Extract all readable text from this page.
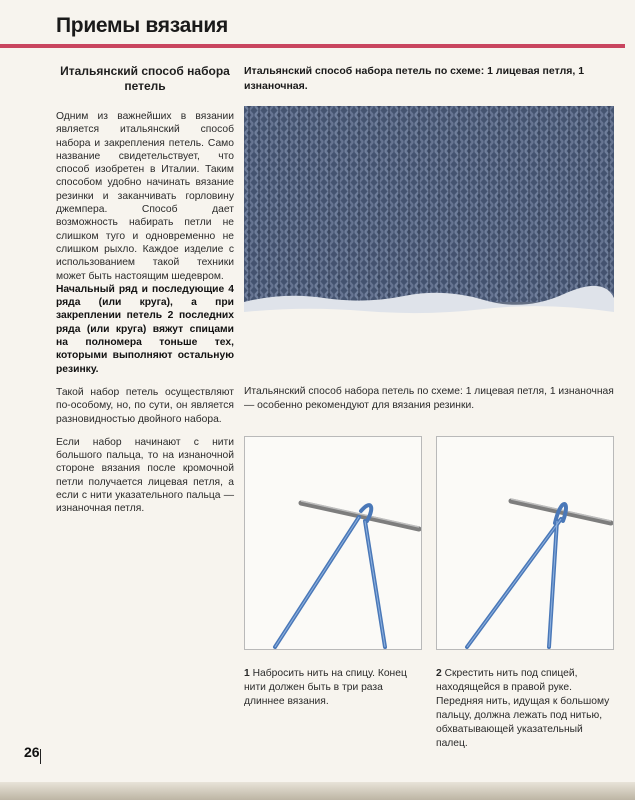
Приемы вязания

Итальянский способ набора петель

Одним из важнейших в вязании является итальянский способ набора и закрепления петель. Само название свидетельствует, что способ изобретен в Италии. Таким способом удобно начинать вязание резинки и заканчивать горловину джемпера. Способ дает возможность набирать петли не слишком туго и одновременно не слишком рыхло. Каждое изделие с использованием такой техники может быть настоящим шедевром.

Начальный ряд и последующие 4 ряда (или круга), а при закреплении петель 2 последних ряда (или круга) вяжут спицами на полномера тоньше тех, которыми выполняют остальную резинку.

Такой набор петель осуществляют по-особому, но, по сути, он является разновидностью двойного набора.

Если набор начинают с нити большого пальца, то на изнаночной стороне вязания после кромочной петли получается лицевая петля, а если с нити указательного пальца — изнаночная петля.

Итальянский способ набора петель по схеме: 1 лицевая петля, 1 изнаночная.
Итальянский способ набора петель по схеме: 1 лицевая петля, 1 изнаночная — особенно рекомендуют для вязания резинки.
1 Набросить нить на спицу. Конец нити должен быть в три раза длиннее вязания.
2 Скрестить нить под спицей, находящейся в правой руке. Передняя нить, идущая к большому пальцу, должна лежать под нитью, обхватывающей указательный палец.
26
